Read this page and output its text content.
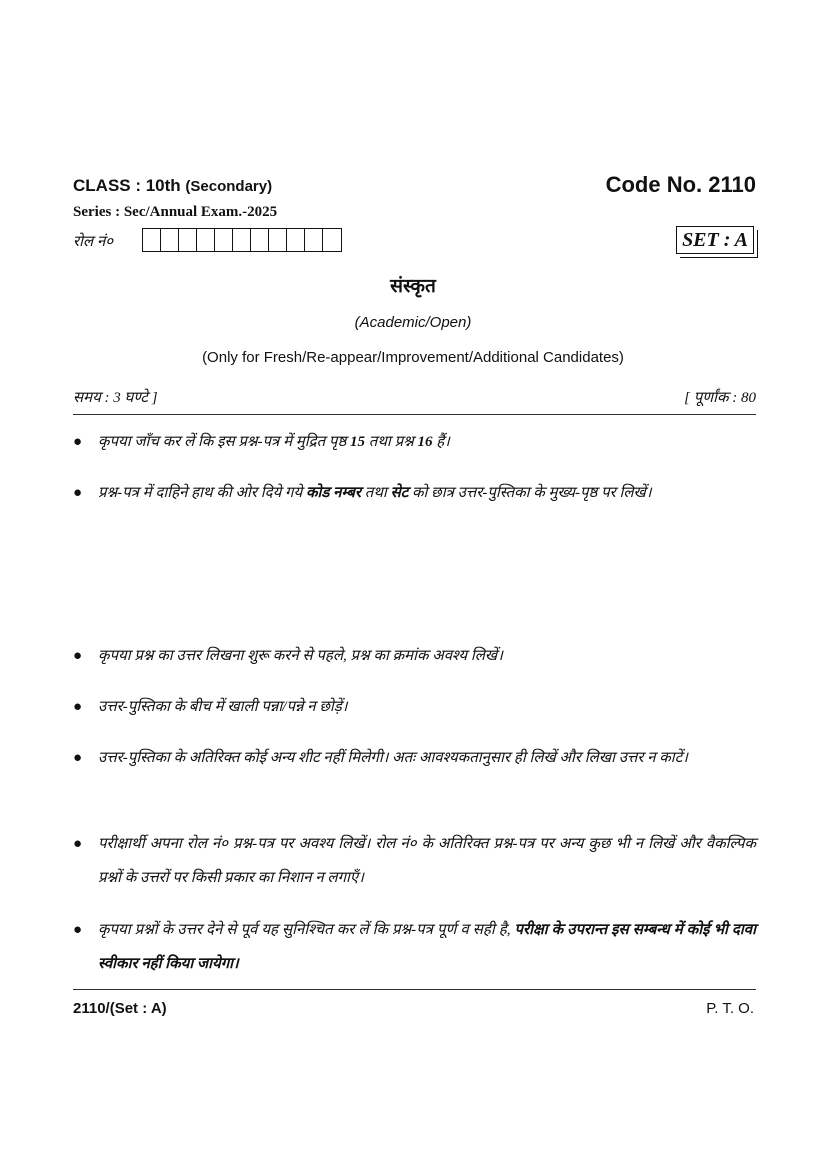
CLASS : 10th (Secondary)	Code No. 2110
Series : Sec/Annual Exam.-2025
रोल नं०	SET : A
संस्कृत
(Academic/Open)
(Only for Fresh/Re-appear/Improvement/Additional Candidates)
समय : 3 घण्टे ]	[ पूर्णांक : 80
● कृपया जाँच कर लें कि इस प्रश्न-पत्र में मुद्रित पृष्ठ 15 तथा प्रश्न 16 हैं।
● प्रश्न-पत्र में दाहिने हाथ की ओर दिये गये कोड नम्बर तथा सेट को छात्र उत्तर-पुस्तिका के मुख्य-पृष्ठ पर लिखें।
● कृपया प्रश्न का उत्तर लिखना शुरू करने से पहले, प्रश्न का क्रमांक अवश्य लिखें।
● उत्तर-पुस्तिका के बीच में खाली पन्ना/पन्ने न छोड़ें।
● उत्तर-पुस्तिका के अतिरिक्त कोई अन्य शीट नहीं मिलेगी। अतः आवश्यकतानुसार ही लिखें और लिखा उत्तर न काटें।
● परीक्षार्थी अपना रोल नं० प्रश्न-पत्र पर अवश्य लिखें। रोल नं० के अतिरिक्त प्रश्न-पत्र पर अन्य कुछ भी न लिखें और वैकल्पिक प्रश्नों के उत्तरों पर किसी प्रकार का निशान न लगाएँ।
● कृपया प्रश्नों के उत्तर देने से पूर्व यह सुनिश्चित कर लें कि प्रश्न-पत्र पूर्ण व सही है, परीक्षा के उपरान्त इस सम्बन्ध में कोई भी दावा स्वीकार नहीं किया जायेगा।
2110/(Set : A)	P. T. O.
